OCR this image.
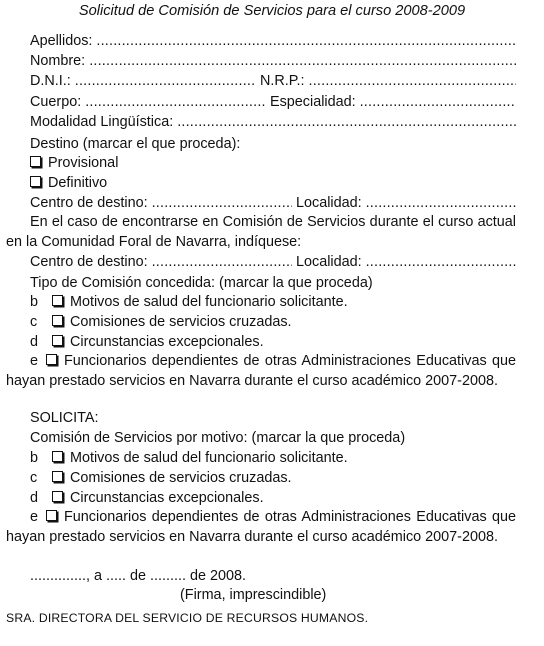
Solicitud de Comisión de Servicios para el curso 2008-2009
Apellidos:
.....
Nombre:
.....
D.N.I.: .....	N.R.P.:
.....
Cuerpo: .....	Especialidad:
.....
Modalidad Lingüística:
.....
Destino (marcar el que proceda):
Provisional
Definitivo
Centro de destino: .....	Localidad:
.....
En el caso de encontrarse en Comisión de Servicios durante el curso actual en la Comunidad Foral de Navarra, indíquese:
Centro de destino: .....	Localidad:
.....
Tipo de Comisión concedida: (marcar la que proceda)
b Motivos de salud del funcionario solicitante.
c Comisiones de servicios cruzadas.
d Circunstancias excepcionales.
e Funcionarios dependientes de otras Administraciones Educativas que hayan prestado servicios en Navarra durante el curso académico 2007-2008.
SOLICITA:
Comisión de Servicios por motivo: (marcar la que proceda)
b Motivos de salud del funcionario solicitante.
c Comisiones de servicios cruzadas.
d Circunstancias excepcionales.
e Funcionarios dependientes de otras Administraciones Educativas que hayan prestado servicios en Navarra durante el curso académico 2007-2008.
.............., a ..... de ......... de 2008.
(Firma, imprescindible)
SRA. DIRECTORA DEL SERVICIO DE RECURSOS HUMANOS.
